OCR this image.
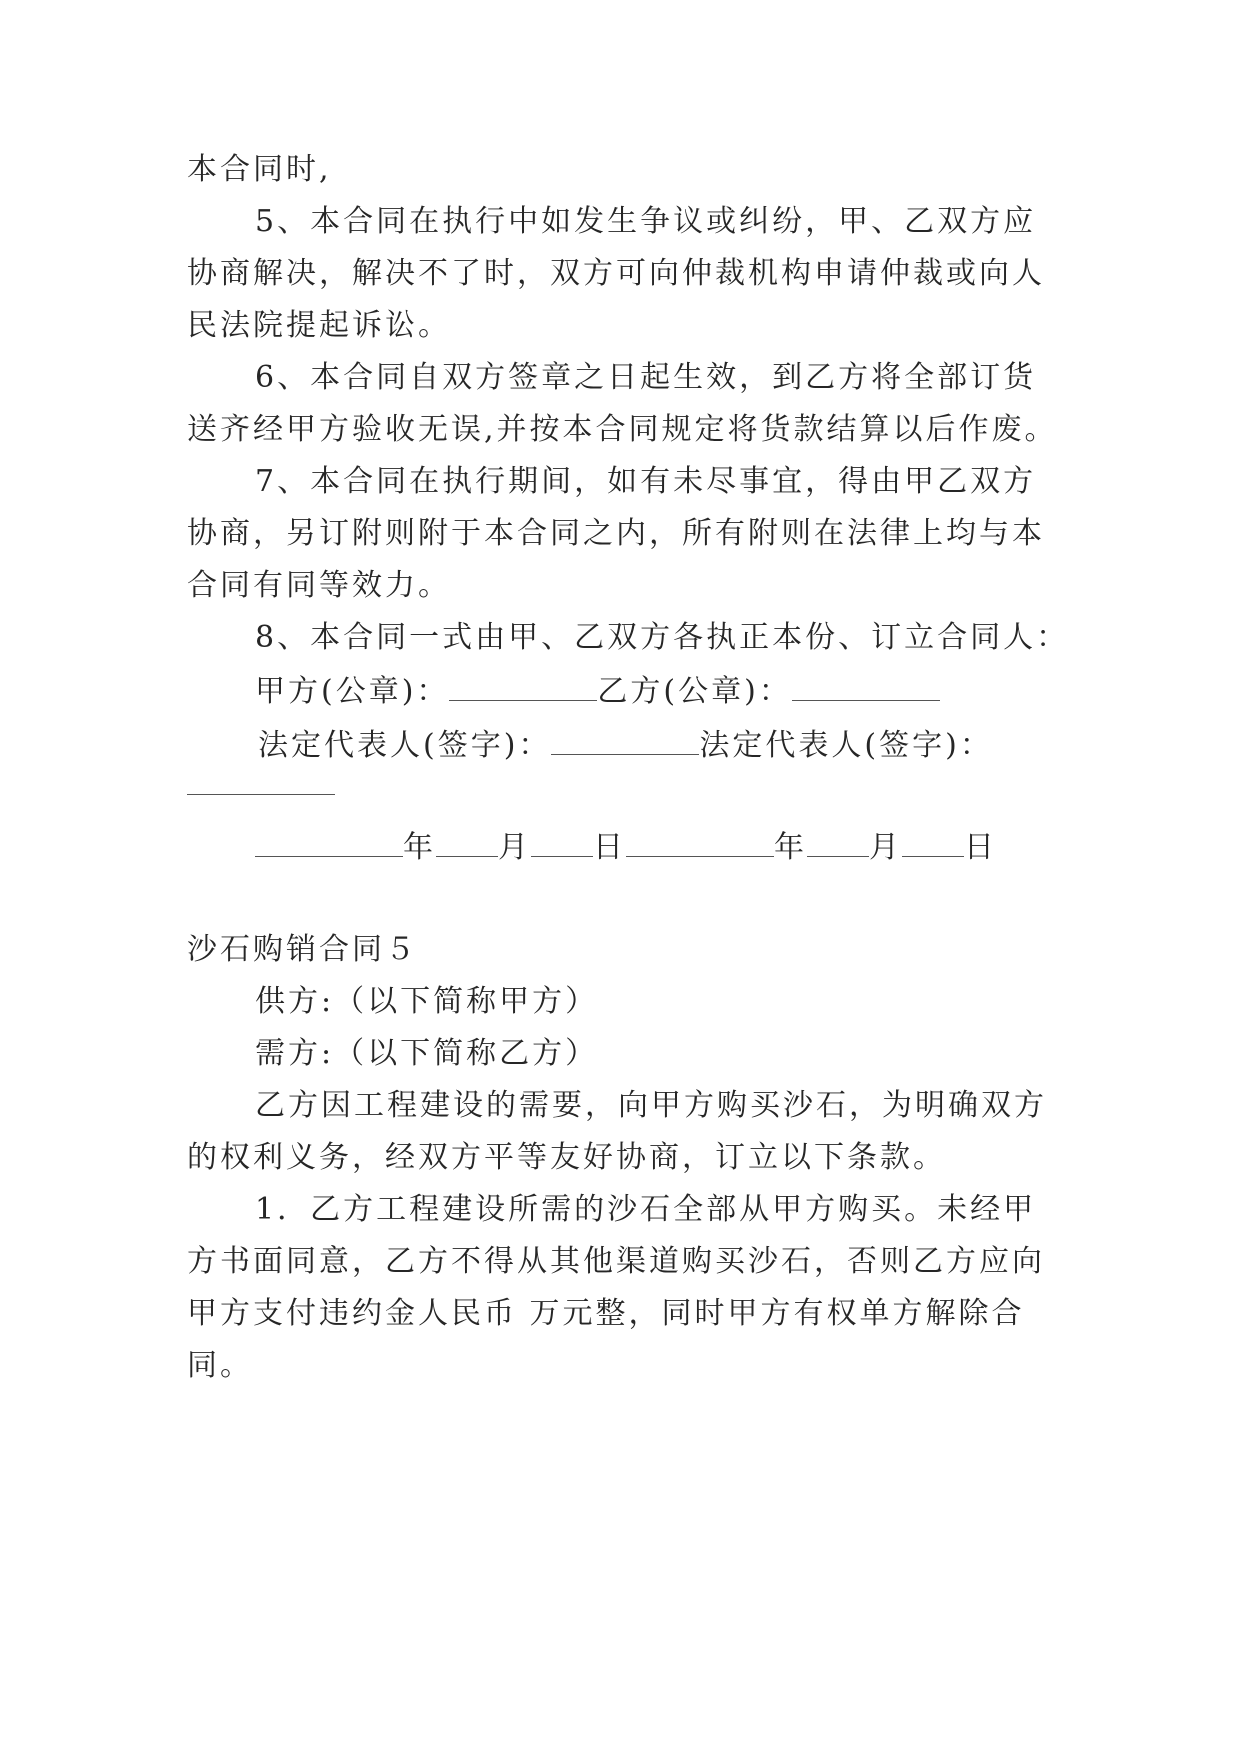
本合同时,
5、本合同在执行中如发生争议或纠纷，甲、乙双方应
协商解决，解决不了时，双方可向仲裁机构申请仲裁或向人
民法院提起诉讼。
6、本合同自双方签章之日起生效，到乙方将全部订货
送齐经甲方验收无误,并按本合同规定将货款结算以后作废。
7、本合同在执行期间，如有未尽事宜，得由甲乙双方
协商，另订附则附于本合同之内，所有附则在法律上均与本
合同有同等效力。
8、本合同一式由甲、乙双方各执正本份、订立合同人：
甲方(公章)：	乙方(公章)：
法定代表人(签字)：	法定代表人(签字)：
年 月 日	年 月 日
沙石购销合同５
供方:（以下简称甲方）
需方:（以下简称乙方）
乙方因工程建设的需要，向甲方购买沙石，为明确双方
的权利义务，经双方平等友好协商，订立以下条款。
1．乙方工程建设所需的沙石全部从甲方购买。未经甲
方书面同意，乙方不得从其他渠道购买沙石，否则乙方应向
甲方支付违约金人民币 万元整，同时甲方有权单方解除合
同。
